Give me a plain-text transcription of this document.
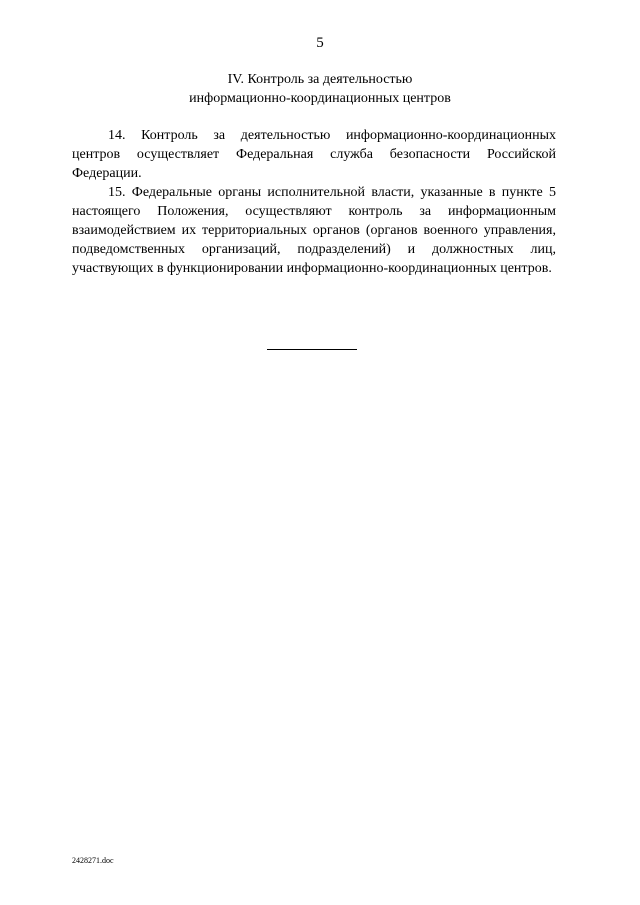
5
IV. Контроль за деятельностью
информационно-координационных центров

14. Контроль за деятельностью информационно-координационных центров осуществляет Федеральная служба безопасности Российской Федерации.

15. Федеральные органы исполнительной власти, указанные в пункте 5 настоящего Положения, осуществляют контроль за информационным взаимодействием их территориальных органов (органов военного управления, подведомственных организаций, подразделений) и должностных лиц, участвующих в функционировании информационно-координационных центров.

2428271.doc
